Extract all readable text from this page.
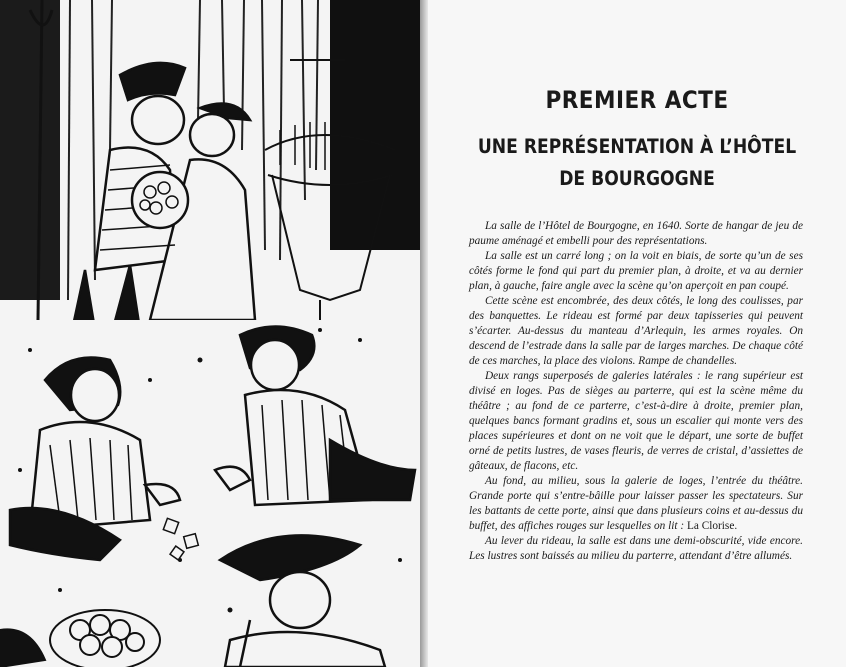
PREMIER ACTE
UNE REPRÉSENTATION À L’HÔTEL DE BOURGOGNE

La salle de l’Hôtel de Bourgogne, en 1640. Sorte de hangar de jeu de paume aménagé et embelli pour des représentations.

La salle est un carré long ; on la voit en biais, de sorte qu’un de ses côtés forme le fond qui part du premier plan, à droite, et va au dernier plan, à gauche, faire angle avec la scène qu’on aperçoit en pan coupé.

Cette scène est encombrée, des deux côtés, le long des coulisses, par des banquettes. Le rideau est formé par deux tapisseries qui peuvent s’écarter. Au-dessus du manteau d’Arlequin, les armes royales. On descend de l’estrade dans la salle par de larges marches. De chaque côté de ces marches, la place des violons. Rampe de chandelles.

Deux rangs superposés de galeries latérales : le rang supérieur est divisé en loges. Pas de sièges au parterre, qui est la scène même du théâtre ; au fond de ce parterre, c’est-à-dire à droite, premier plan, quelques bancs formant gradins et, sous un escalier qui monte vers des places supérieures et dont on ne voit que le départ, une sorte de buffet orné de petits lustres, de vases fleuris, de verres de cristal, d’assiettes de gâteaux, de flacons, etc.

Au fond, au milieu, sous la galerie de loges, l’entrée du théâtre. Grande porte qui s’entre-bâille pour laisser passer les spectateurs. Sur les battants de cette porte, ainsi que dans plusieurs coins et au-dessus du buffet, des affiches rouges sur lesquelles on lit : La Clorise.

Au lever du rideau, la salle est dans une demi-obscurité, vide encore. Les lustres sont baissés au milieu du parterre, attendant d’être allumés.
